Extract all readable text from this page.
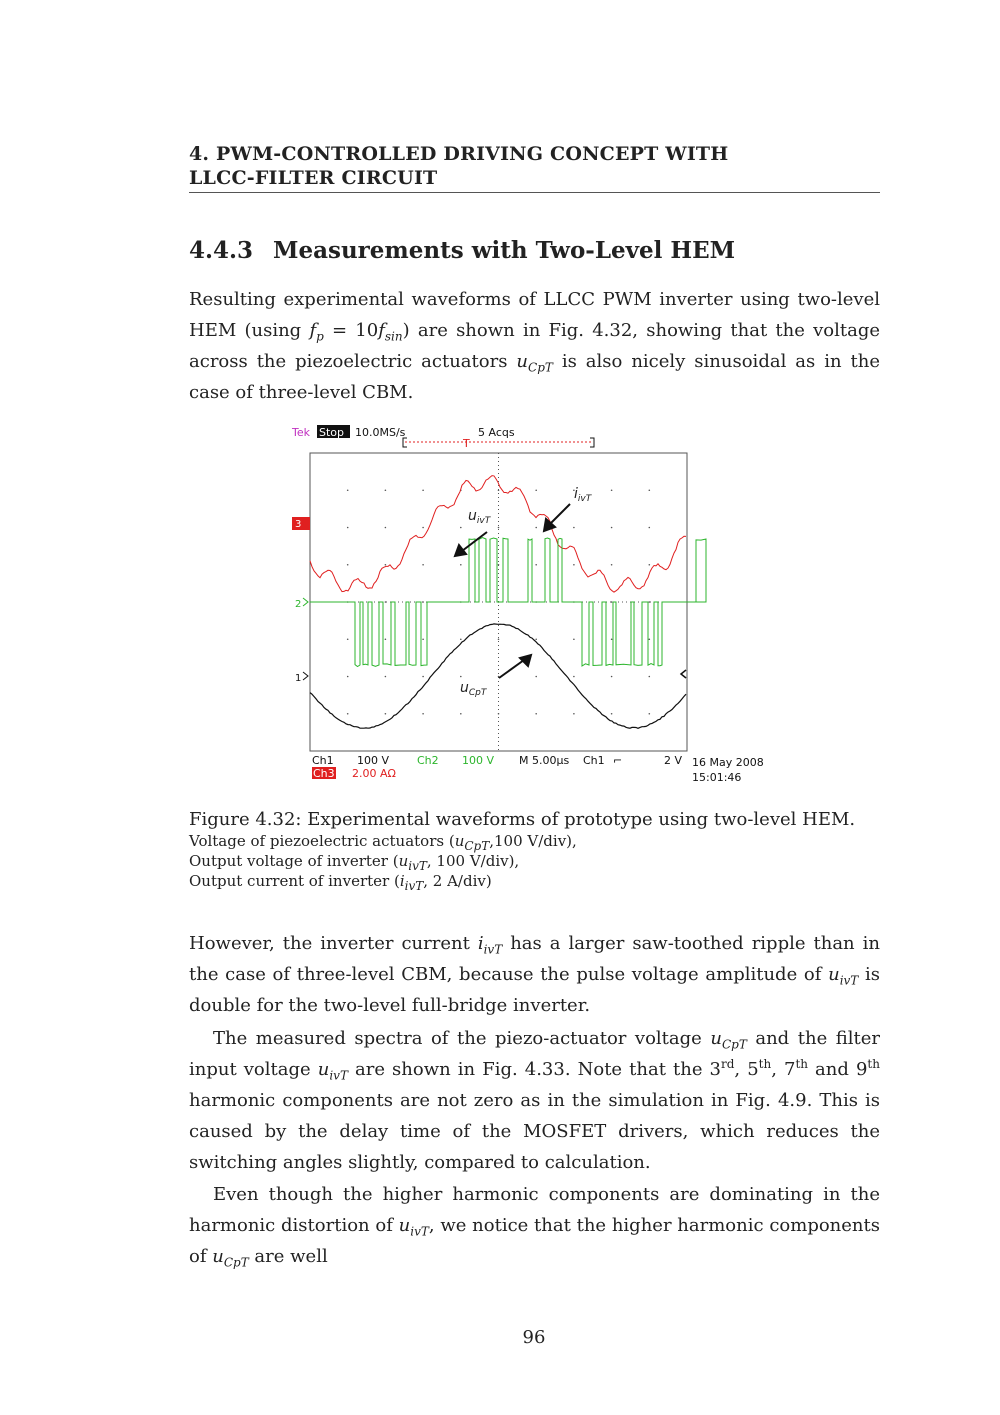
4. PWM-CONTROLLED DRIVING CONCEPT WITH
LLCC-FILTER CIRCUIT
4.4.3 Measurements with Two-Level HEM
Resulting experimental waveforms of LLCC PWM inverter using two-level HEM (using $f_p = 10f_{sin}$) are shown in Fig. 4.32, showing that the voltage across the piezoelectric actuators $u_{CpT}$ is also nicely sinusoidal as in the case of three-level CBM.
Tek Stop 10.0MS/s	5 Acqs
T
3
2
1
$i_{ivT}$
$u_{ivT}$
$u_{CpT}$
Ch1 100 V	Ch2 100 V M 5.00µs Ch1 ⌐	2 V
Ch3 2.00 AΩ
16 May 2008
15:01:46
Figure 4.32: Experimental waveforms of prototype using two-level HEM.
Voltage of piezoelectric actuators ($u_{CpT},100$ V/div),
Output voltage of inverter ($u_{ivT}$, 100 V/div),
Output current of inverter ($i_{ivT}$, 2 A/div)
However, the inverter current $i_{ivT}$ has a larger saw-toothed ripple than in the case of three-level CBM, because the pulse voltage amplitude of $u_{ivT}$ is double for the two-level full-bridge inverter.
The measured spectra of the piezo-actuator voltage $u_{CpT}$ and the filter input voltage $u_{ivT}$ are shown in Fig. 4.33. Note that the 3rd, 5th, 7th and 9th harmonic components are not zero as in the simulation in Fig. 4.9. This is caused by the delay time of the MOSFET drivers, which reduces the switching angles slightly, compared to calculation.
Even though the higher harmonic components are dominating in the harmonic distortion of $u_{ivT}$, we notice that the higher harmonic components of $u_{CpT}$ are well
96
